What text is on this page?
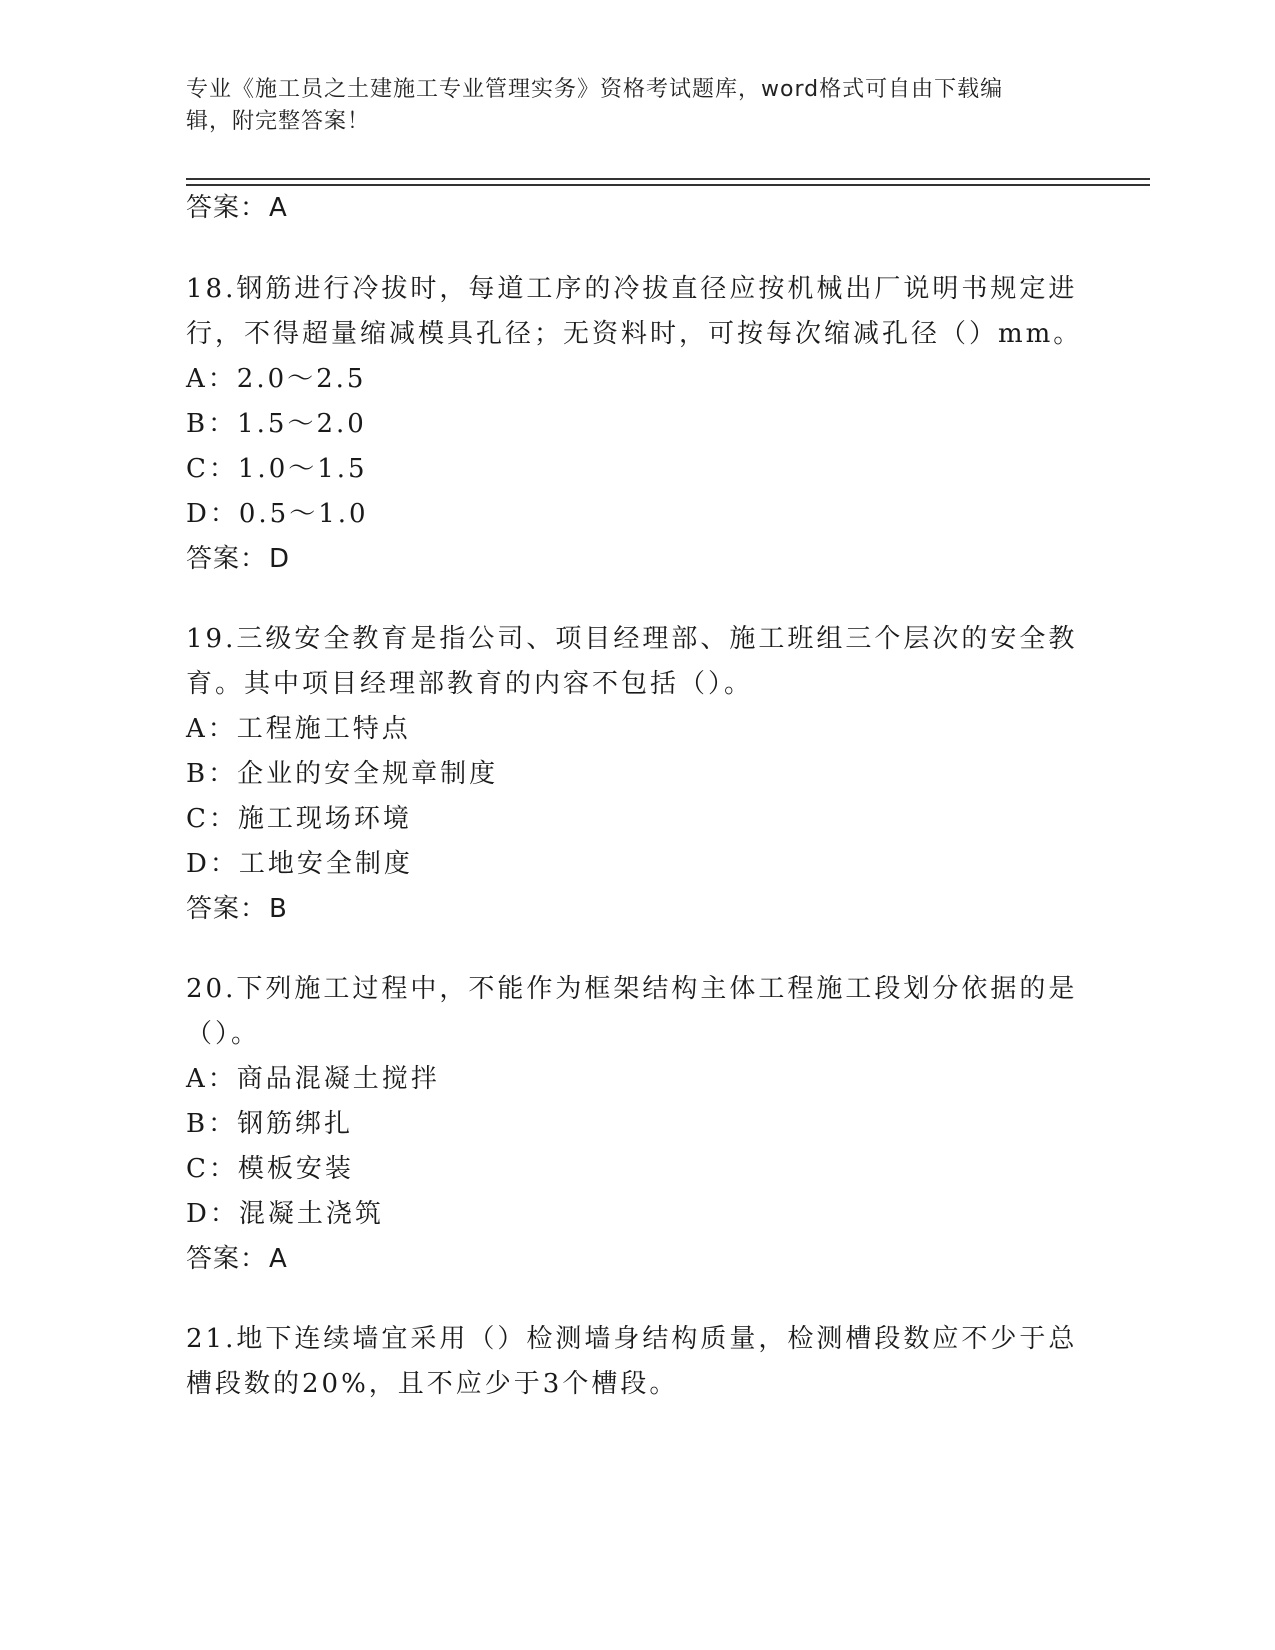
专业《施工员之土建施工专业管理实务》资格考试题库，word格式可自由下载编
辑，附完整答案！
答案：A
18.钢筋进行冷拔时，每道工序的冷拔直径应按机械出厂说明书规定进
行，不得超量缩减模具孔径；无资料时，可按每次缩减孔径（）mm。
A：2.0～2.5
B：1.5～2.0
C：1.0～1.5
D：0.5～1.0
答案：D
19.三级安全教育是指公司、项目经理部、施工班组三个层次的安全教
育。其中项目经理部教育的内容不包括（）。
A：工程施工特点
B：企业的安全规章制度
C：施工现场环境
D：工地安全制度
答案：B
20.下列施工过程中，不能作为框架结构主体工程施工段划分依据的是
（）。
A：商品混凝土搅拌
B：钢筋绑扎
C：模板安装
D：混凝土浇筑
答案：A
21.地下连续墙宜采用（）检测墙身结构质量，检测槽段数应不少于总
槽段数的20%，且不应少于3个槽段。
